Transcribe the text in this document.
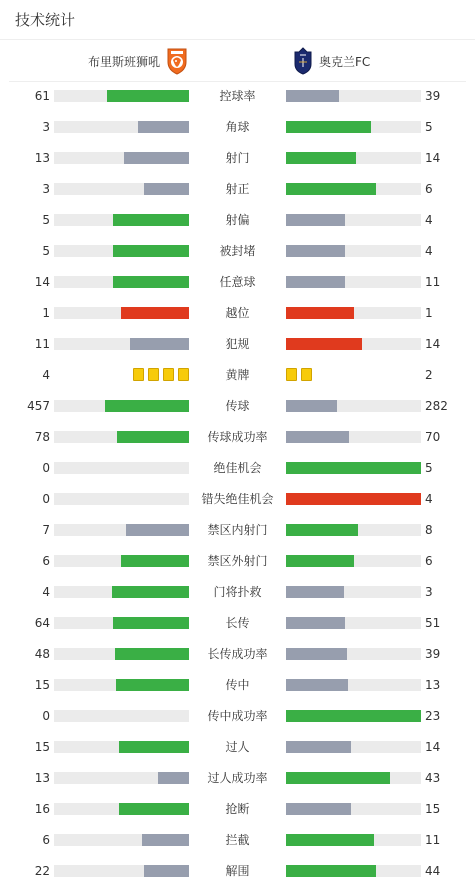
技术统计
布里斯班狮吼	奥克兰FC
61	控球率	39
3	角球	5
13	射门	14
3	射正	6
5	射偏	4
5	被封堵	4
14	任意球	11
1	越位	1
11	犯规	14
4	黄牌	2
457	传球	282
78	传球成功率	70
0	绝佳机会	5
0	错失绝佳机会	4
7	禁区内射门	8
6	禁区外射门	6
4	门将扑救	3
64	长传	51
48	长传成功率	39
15	传中	13
0	传中成功率	23
15	过人	14
13	过人成功率	43
16	抢断	15
6	拦截	11
22	解围	44
